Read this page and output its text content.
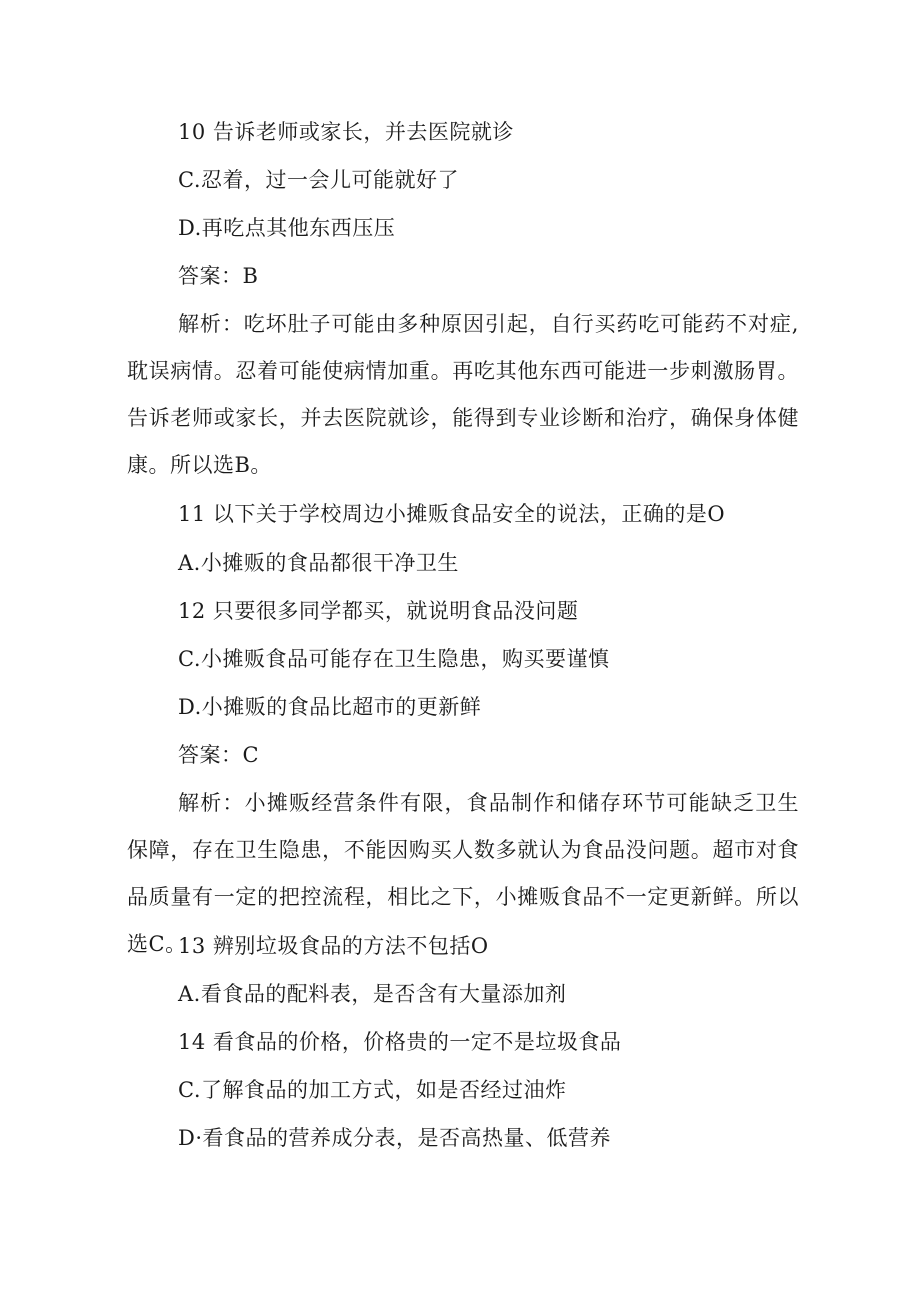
10 告诉老师或家长，并去医院就诊
C.忍着，过一会儿可能就好了
D.再吃点其他东西压压
答案：B
解析：吃坏肚子可能由多种原因引起，自行买药吃可能药不对症,耽误病情。忍着可能使病情加重。再吃其他东西可能进一步刺激肠胃。告诉老师或家长，并去医院就诊，能得到专业诊断和治疗，确保身体健康。所以选B。
11 以下关于学校周边小摊贩食品安全的说法，正确的是O
A.小摊贩的食品都很干净卫生
12 只要很多同学都买，就说明食品没问题
C.小摊贩食品可能存在卫生隐患，购买要谨慎
D.小摊贩的食品比超市的更新鲜
答案：C
解析：小摊贩经营条件有限，食品制作和储存环节可能缺乏卫生保障，存在卫生隐患，不能因购买人数多就认为食品没问题。超市对食品质量有一定的把控流程，相比之下，小摊贩食品不一定更新鲜。所以选C。
13 辨别垃圾食品的方法不包括O
A.看食品的配料表，是否含有大量添加剂
14 看食品的价格，价格贵的一定不是垃圾食品
C.了解食品的加工方式，如是否经过油炸
D·看食品的营养成分表，是否高热量、低营养
